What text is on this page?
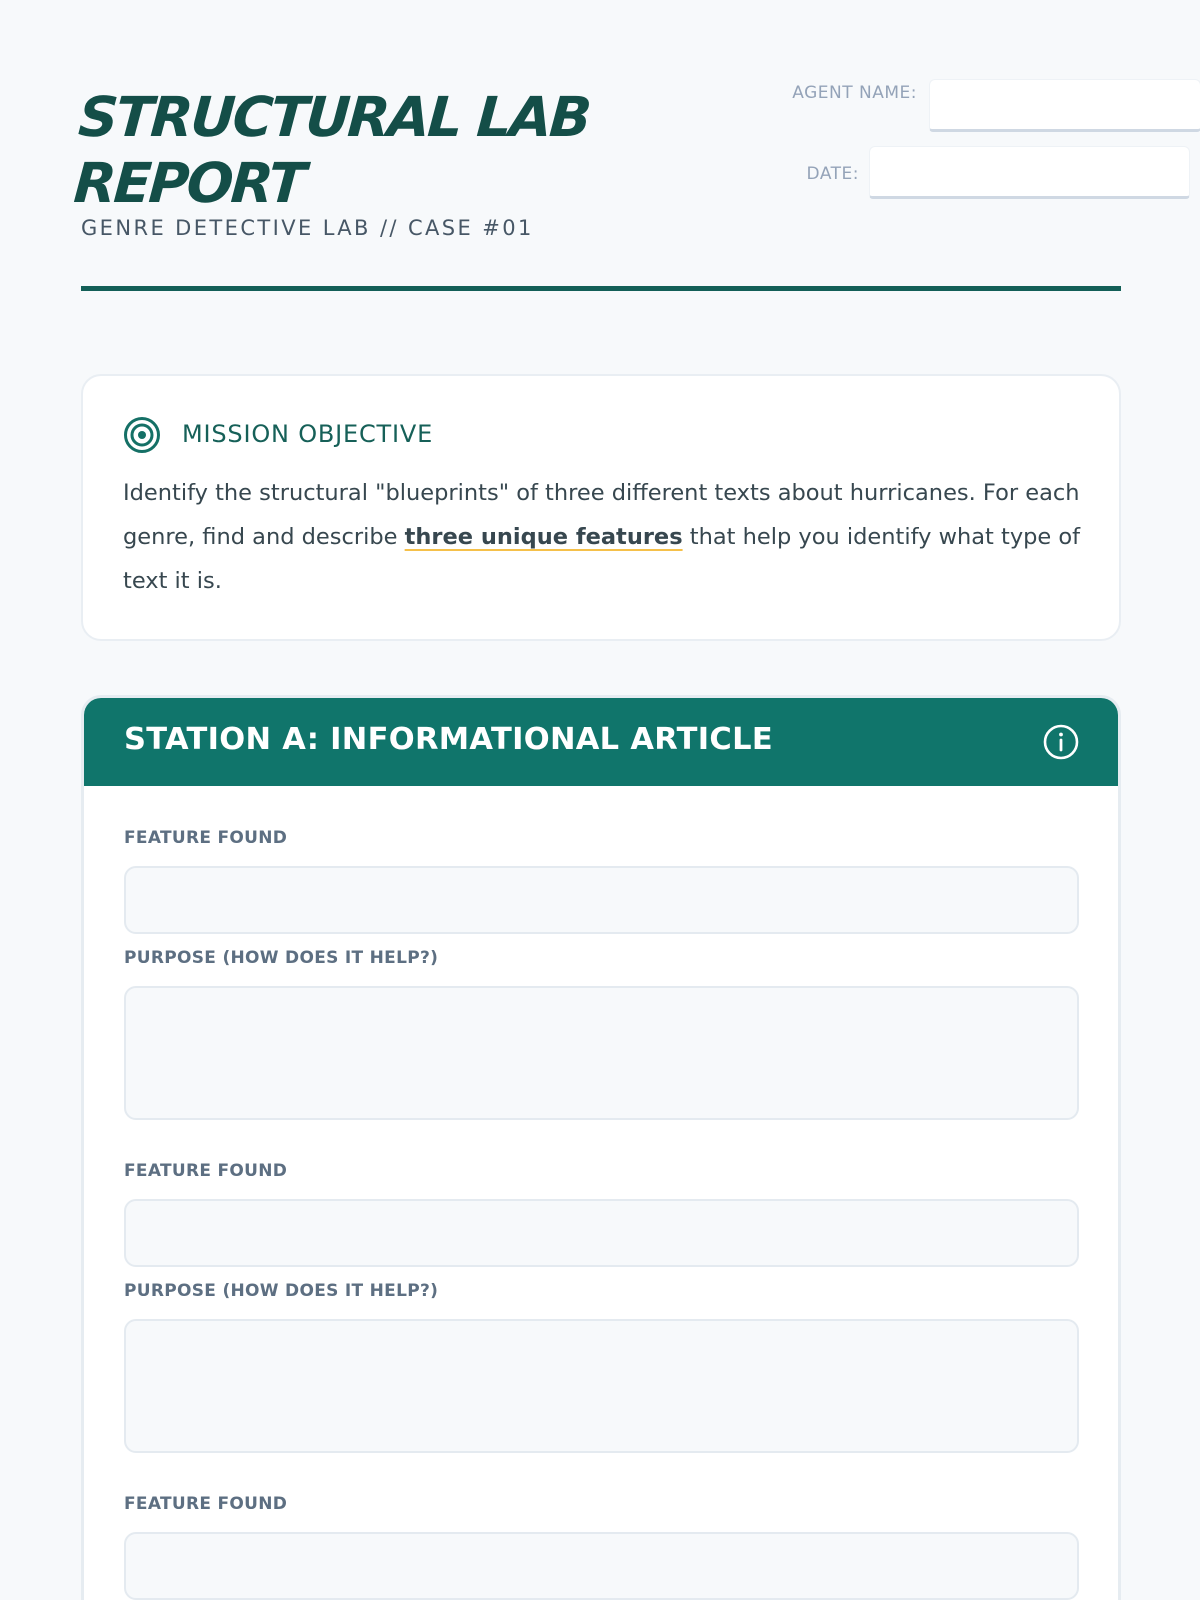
STRUCTURAL LAB REPORT
GENRE DETECTIVE LAB // CASE #01
AGENT NAME:
DATE:
MISSION OBJECTIVE

Identify the structural "blueprints" of three different texts about hurricanes. For each genre, find and describe three unique features that help you identify what type of text it is.

STATION A: INFORMATIONAL ARTICLE
FEATURE FOUND
PURPOSE (HOW DOES IT HELP?)
FEATURE FOUND
PURPOSE (HOW DOES IT HELP?)
FEATURE FOUND
